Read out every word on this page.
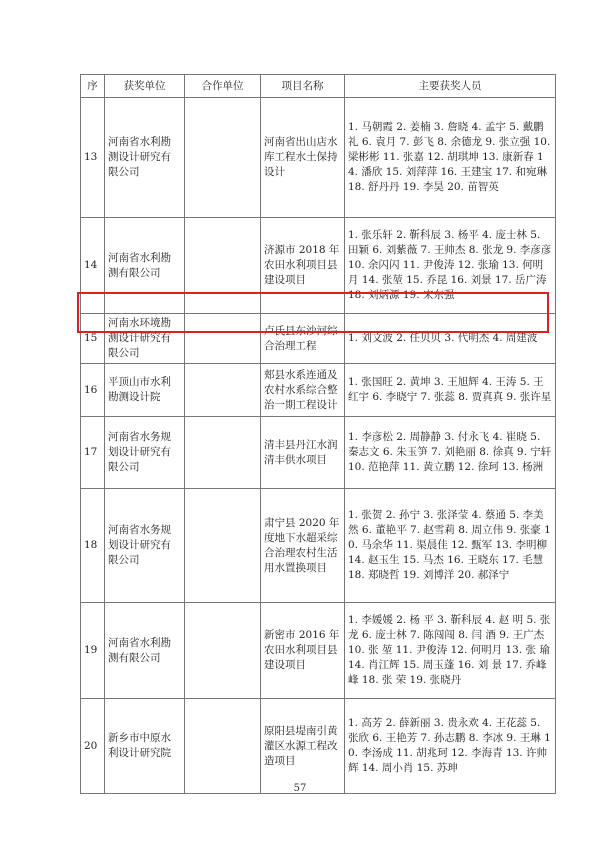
序	获奖单位	合作单位	项目名称	主要获奖人员
13	河南省水利勘测设计研究有限公司		河南省出山店水库工程水土保持设计	1. 马朝霞 2. 姜楠 3. 詹晓 4. 孟宇 5. 戴鹏礼 6. 袁月 7. 彭飞 8. 余德龙 9. 张立强 10. 梁彬彬 11. 张嘉 12. 胡琪坤 13. 康新春 14. 潘欣 15. 刘萍萍 16. 王建宝 17. 和宛琳 18. 舒丹丹 19. 李昊 20. 苗智英
14	河南省水利勘测有限公司		济源市 2018 年农田水利项目县建设项目	1. 张乐轩 2. 靳科辰 3. 杨平 4. 庞士林 5. 田颖 6. 刘紫薇 7. 王帅杰 8. 张龙 9. 李彦彦 10. 余闪闪 11. 尹俊涛 12. 张瑜 13. 何明月 14. 张堃 15. 乔昆 16. 刘景 17. 岳广涛 18. 刘炳源 19. 宋东强
15	河南水环境勘测设计研究有限公司		卢氏县东沙河综合治理工程	1. 刘文波 2. 任贝贝 3. 代明杰 4. 周建波
16	平顶山市水利勘测设计院		郏县水系连通及农村水系综合整治一期工程设计	1. 张国旺 2. 黄坤 3. 王旭辉 4. 王涛 5. 王红宇 6. 李晓宁 7. 张蕊 8. 贾真真 9. 张许星
17	河南省水务规划设计研究有限公司		清丰县丹江水润清丰供水项目	1. 李彦松 2. 周静静 3. 付永飞 4. 崔晓 5. 秦志文 6. 朱玉笋 7. 刘艳丽 8. 徐真 9. 宁轩 10. 范艳萍 11. 黄立鹏 12. 徐珂 13. 杨洲
18	河南省水务规划设计研究有限公司		肃宁县 2020 年度地下水超采综合治理农村生活用水置换项目	1. 张贺 2. 孙宁 3. 张泽莹 4. 蔡通 5. 李美然 6. 董艳平 7. 赵雪莉 8. 周立伟 9. 张豪 10. 马余华 11. 渠晨佳 12. 甄军 13. 李明柳 14. 赵玉生 15. 马杰 16. 王晓东 17. 毛慧 18. 郑晓哲 19. 刘博洋 20. 郝泽宁
19	河南省水利勘测有限公司		新密市 2016 年农田水利项目县建设项目	1. 李媛媛 2. 杨 平 3. 靳科辰 4. 赵 明 5. 张 龙 6. 庞士林 7. 陈闯闯 8. 闫 酒 9. 王广杰 10. 张 堃 11. 尹俊涛 12. 何明月 13. 张 瑜 14. 肖江辉 15. 周玉蓬 16. 刘 景 17. 乔峰峰 18. 张 荣 19. 张晓丹
20	新乡市中原水利设计研究院		原阳县堤南引黄灌区水源工程改造项目	1. 高芳 2. 薛新丽 3. 贵永欢 4. 王花蕊 5. 张欣 6. 王艳芳 7. 孙志鹏 8. 李冰 9. 王琳 10. 李汤成 11. 胡兆珂 12. 李海青 13. 许帅辉 14. 周小肖 15. 苏珅
57
